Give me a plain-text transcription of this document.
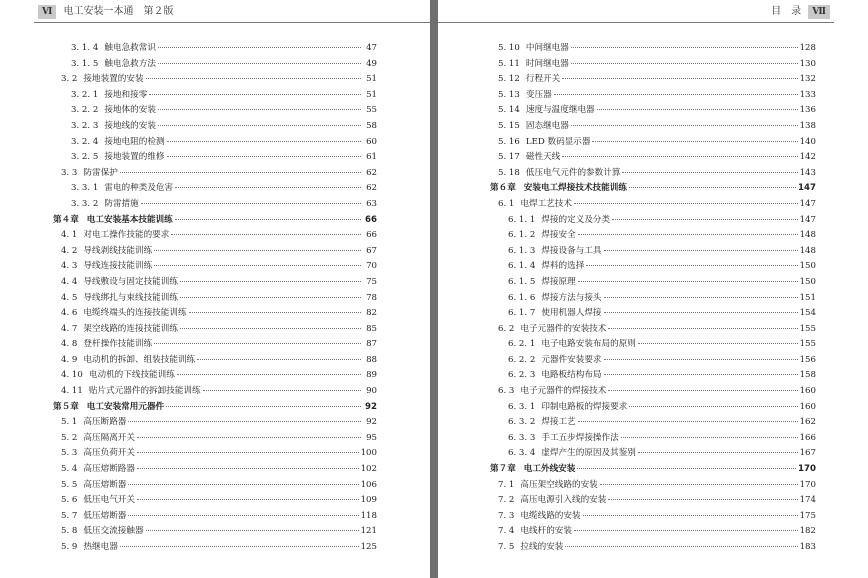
Ⅵ 电工安装一本通　第２版
3. 1. 4 触电急救常识	47
3. 1. 5 触电急救方法	49
3. 2 接地装置的安装	51
3. 2. 1 接地和接零	51
3. 2. 2 接地体的安装	55
3. 2. 3 接地线的安装	58
3. 2. 4 接地电阻的检测	60
3. 2. 5 接地装置的维修	61
3. 3 防雷保护	62
3. 3. 1 雷电的种类及危害	62
3. 3. 2 防雷措施	63
第４章 电工安装基本技能训练	66
4. 1 对电工操作技能的要求	66
4. 2 导线剥线技能训练	67
4. 3 导线连接技能训练	70
4. 4 导线敷设与固定技能训练	75
4. 5 导线绑扎与束线技能训练	78
4. 6 电缆终端头的连接技能训练	82
4. 7 架空线路的连接技能训练	85
4. 8 登杆操作技能训练	87
4. 9 电动机的拆卸、组装技能训练	88
4. 10 电动机的下线技能训练	89
4. 11 贴片式元器件的拆卸技能训练	90
第５章 电工安装常用元器件	92
5. 1 高压断路器	92
5. 2 高压隔离开关	95
5. 3 高压负荷开关	100
5. 4 高压熔断路器	102
5. 5 高压熔断器	106
5. 6 低压电气开关	109
5. 7 低压熔断器	118
5. 8 低压交流接触器	121
5. 9 热继电器	125
目　录 Ⅶ
5. 10 中间继电器	128
5. 11 时间继电器	130
5. 12 行程开关	132
5. 13 变压器	133
5. 14 速度与温度继电器	136
5. 15 固态继电器	138
5. 16 LED 数码显示器	140
5. 17 磁性天线	142
5. 18 低压电气元件的参数计算	143
第６章 安装电工焊接技术技能训练	147
6. 1 电焊工艺技术	147
6. 1. 1 焊接的定义及分类	147
6. 1. 2 焊接安全	148
6. 1. 3 焊接设备与工具	148
6. 1. 4 焊料的选择	150
6. 1. 5 焊接原理	150
6. 1. 6 焊接方法与接头	151
6. 1. 7 使用机器人焊接	154
6. 2 电子元器件的安装技术	155
6. 2. 1 电子电路安装布局的原则	155
6. 2. 2 元器件安装要求	156
6. 2. 3 电路板结构布局	158
6. 3 电子元器件的焊接技术	160
6. 3. 1 印制电路板的焊接要求	160
6. 3. 2 焊接工艺	162
6. 3. 3 手工五步焊接操作法	166
6. 3. 4 虚焊产生的原因及其鉴别	167
第７章 电工外线安装	170
7. 1 高压架空线路的安装	170
7. 2 高压电源引入线的安装	174
7. 3 电缆线路的安装	175
7. 4 电线杆的安装	182
7. 5 拉线的安装	183
